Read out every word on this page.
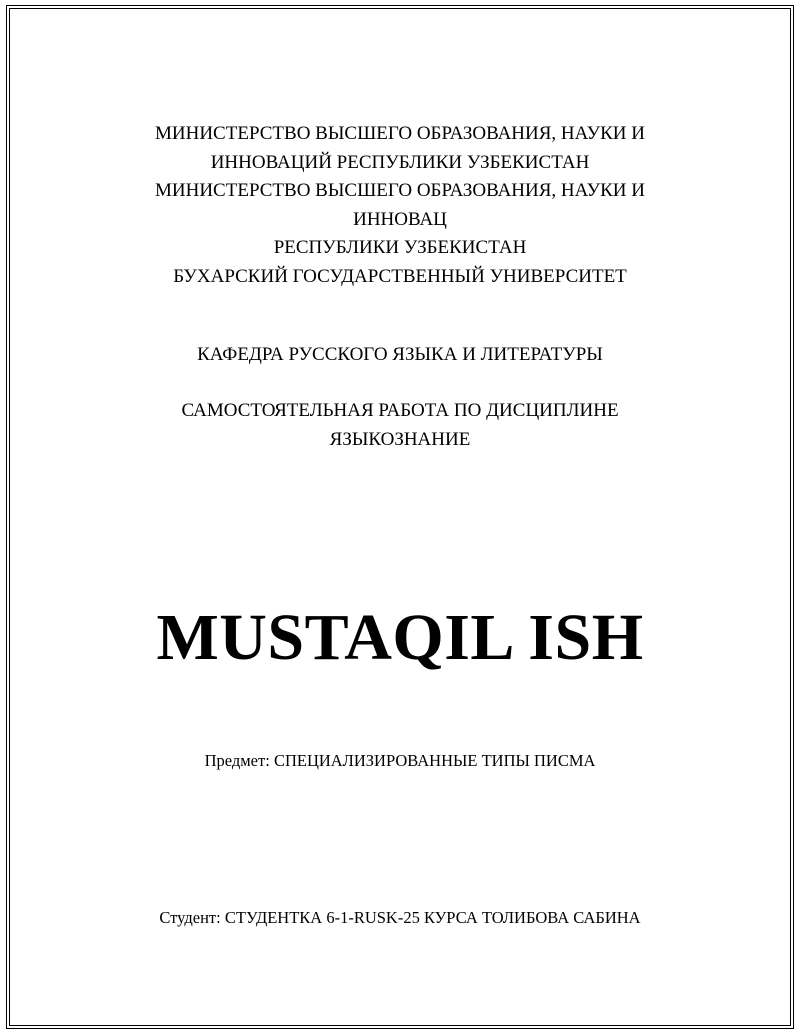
МИНИСТЕРСТВО ВЫСШЕГО ОБРАЗОВАНИЯ, НАУКИ И
ИННОВАЦИЙ РЕСПУБЛИКИ УЗБЕКИСТАН
МИНИСТЕРСТВО ВЫСШЕГО ОБРАЗОВАНИЯ, НАУКИ И
ИННОВАЦ
РЕСПУБЛИКИ УЗБЕКИСТАН
БУХАРСКИЙ ГОСУДАРСТВЕННЫЙ УНИВЕРСИТЕТ
КАФЕДРА РУССКОГО ЯЗЫКА И ЛИТЕРАТУРЫ
САМОСТОЯТЕЛЬНАЯ РАБОТА ПО ДИСЦИПЛИНЕ
ЯЗЫКОЗНАНИЕ
MUSTAQIL ISH
Предмет: СПЕЦИАЛИЗИРОВАННЫЕ ТИПЫ ПИСМА
Студент: СТУДЕНТКА 6-1-RUSK-25 КУРСА ТОЛИБОВА САБИНА
